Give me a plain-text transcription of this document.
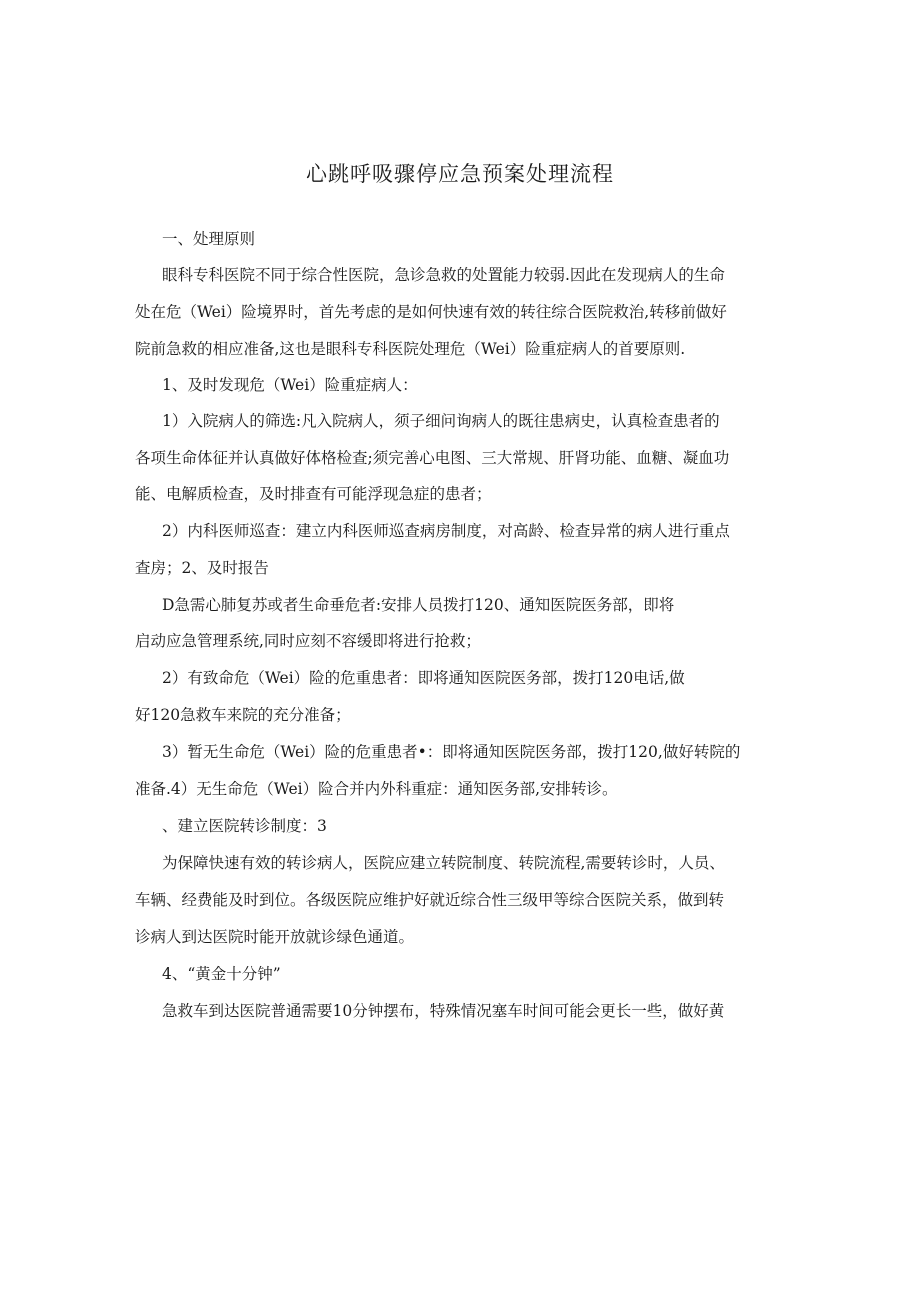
心跳呼吸骤停应急预案处理流程
一、处理原则
眼科专科医院不同于综合性医院，急诊急救的处置能力较弱.因此在发现病人的生命
处在危（Wei）险境界时，首先考虑的是如何快速有效的转往综合医院救治,转移前做好
院前急救的相应准备,这也是眼科专科医院处理危（Wei）险重症病人的首要原则.
1、及时发现危（Wei）险重症病人：
1）入院病人的筛选:凡入院病人，须子细问询病人的既往患病史，认真检查患者的
各项生命体征并认真做好体格检查;须完善心电图、三大常规、肝肾功能、血糖、凝血功
能、电解质检查，及时排查有可能浮现急症的患者；
2）内科医师巡查：建立内科医师巡查病房制度，对高龄、检查异常的病人进行重点
查房；2、及时报告
D急需心肺复苏或者生命垂危者:安排人员拨打120、通知医院医务部，即将
启动应急管理系统,同时应刻不容缓即将进行抢救；
2）有致命危（Wei）险的危重患者：即将通知医院医务部，拨打120电话,做
好120急救车来院的充分准备；
3）暂无生命危（Wei）险的危重患者•：即将通知医院医务部，拨打120,做好转院的
准备.4）无生命危（Wei）险合并内外科重症：通知医务部,安排转诊。
、建立医院转诊制度：3
为保障快速有效的转诊病人，医院应建立转院制度、转院流程,需要转诊时，人员、
车辆、经费能及时到位。各级医院应维护好就近综合性三级甲等综合医院关系，做到转
诊病人到达医院时能开放就诊绿色通道。
4、“黄金十分钟”
急救车到达医院普通需要10分钟摆布，特殊情况塞车时间可能会更长一些，做好黄
